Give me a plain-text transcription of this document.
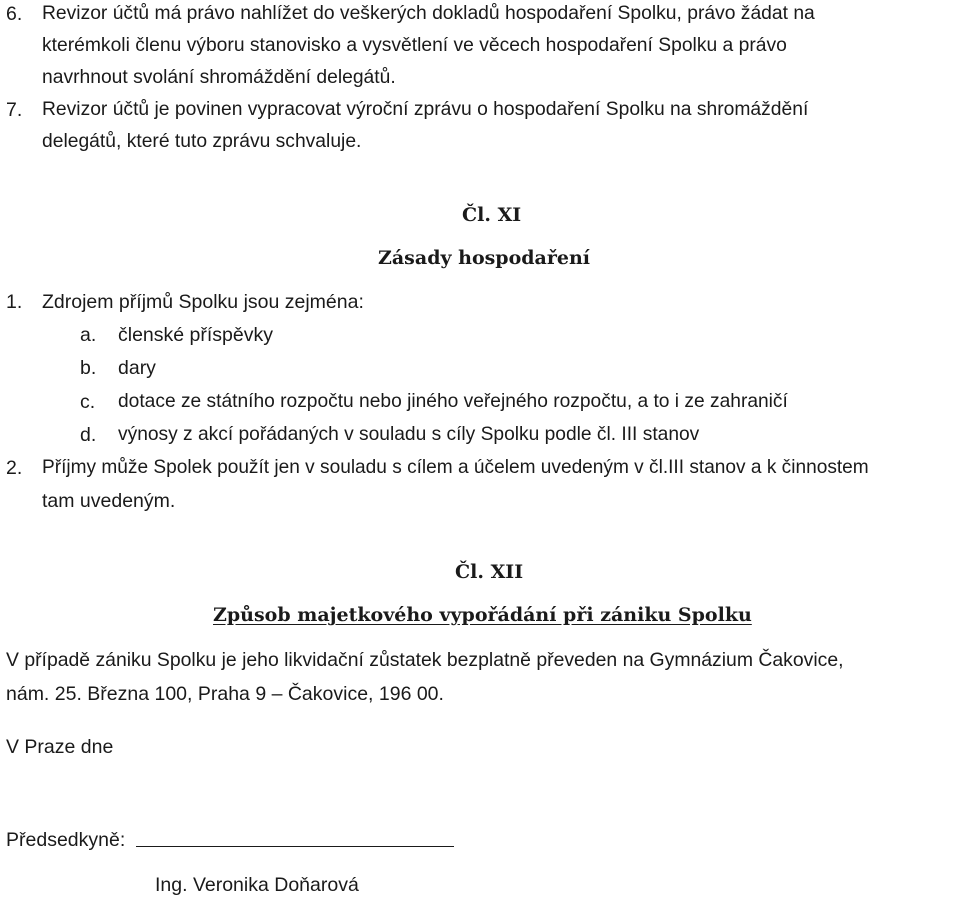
6. Revizor účtů má právo nahlížet do veškerých dokladů hospodaření Spolku, právo žádat na
kterémkoli členu výboru stanovisko a vysvětlení ve věcech hospodaření Spolku a právo
navrhnout svolání shromáždění delegátů.
7. Revizor účtů je povinen vypracovat výroční zprávu o hospodaření Spolku na shromáždění
delegátů, které tuto zprávu schvaluje.
Čl. XI
Zásady hospodaření
1. Zdrojem příjmů Spolku jsou zejména:
a. členské příspěvky
b. dary
c. dotace ze státního rozpočtu nebo jiného veřejného rozpočtu, a to i ze zahraničí
d. výnosy z akcí pořádaných v souladu s cíly Spolku podle čl. III stanov
2. Příjmy může Spolek použít jen v souladu s cílem a účelem uvedeným v čl.III stanov a k činnostem
tam uvedeným.
Čl. XII
Způsob majetkového vypořádání při zániku Spolku
V případě zániku Spolku je jeho likvidační zůstatek bezplatně převeden na Gymnázium Čakovice,
nám. 25. Března 100, Praha 9 – Čakovice, 196 00.
V Praze dne
Předsedkyně:
Ing. Veronika Doňarová
